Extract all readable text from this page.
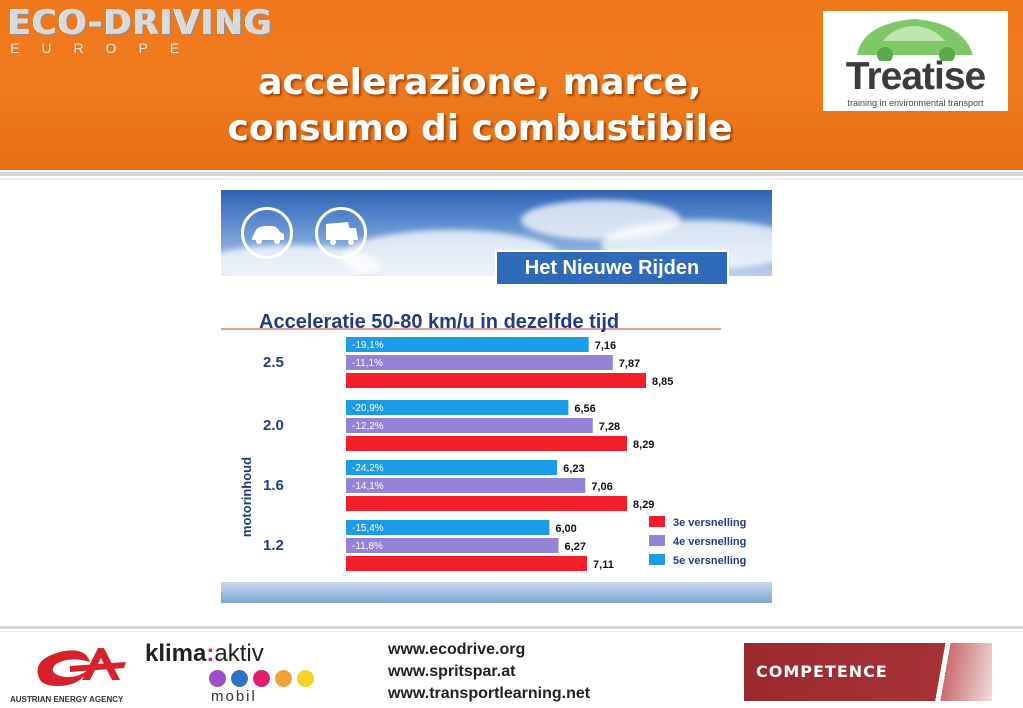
ECO-DRIVING
EUROPE
accelerazione, marce,
consumo di combustibile
Treatise
training in environmental transport
Het Nieuwe Rijden
Acceleratie 50-80 km/u in dezelfde tijd
motorinhoud
2.5
-19,1%	7,16
-11,1%	7,87
8,85
2.0
-20,9%	6,56
-12,2%	7,28
8,29
1.6
-24,2%	6,23
-14,1%	7,06
8,29
1.2
-15,4%	6,00
-11,8%	6,27
7,11
3e versnelling
4e versnelling
5e versnelling
AUSTRIAN ENERGY AGENCY
klima:aktiv
mobil
www.ecodrive.org
www.spritspar.at
www.transportlearning.net
COMPETENCE
